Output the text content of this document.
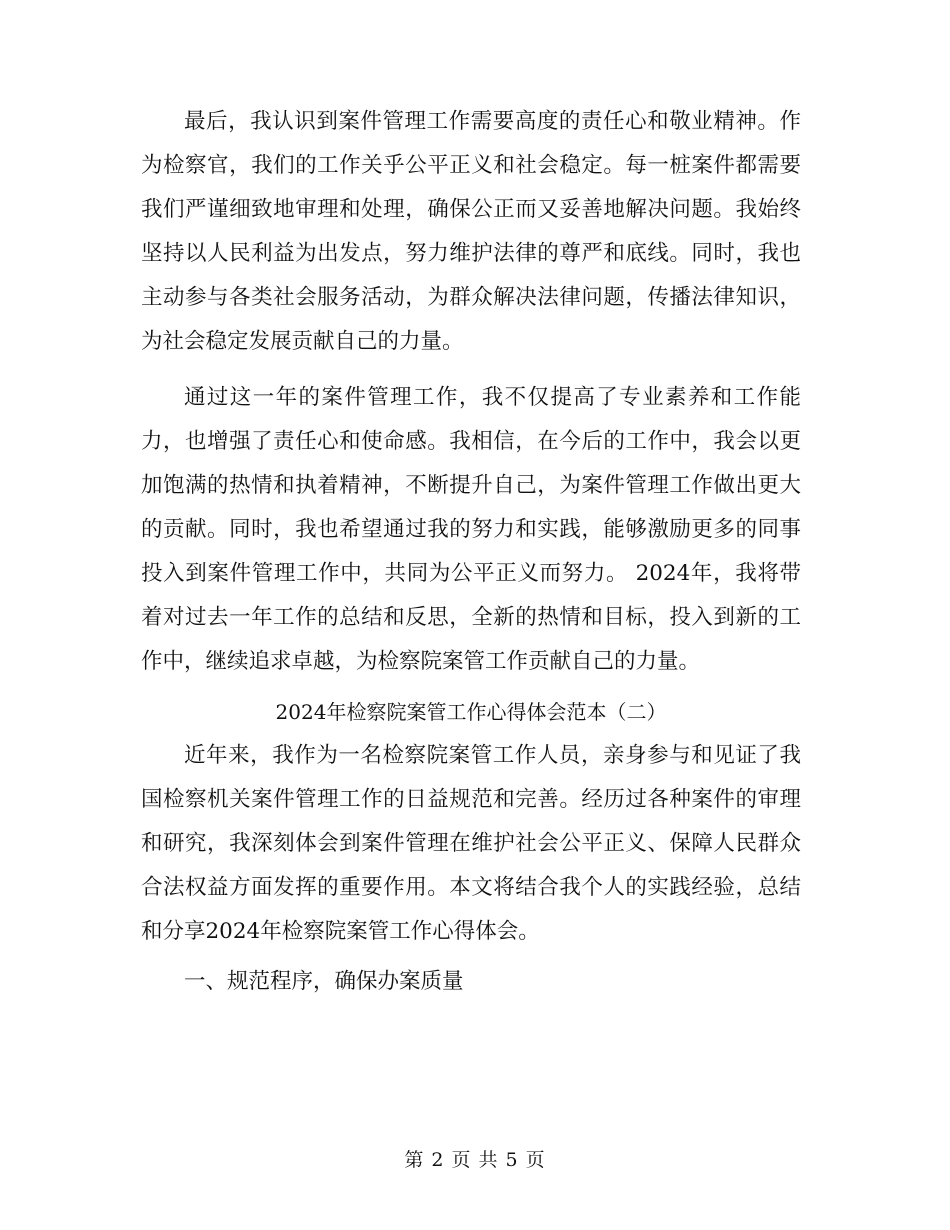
最后，我认识到案件管理工作需要高度的责任心和敬业精神。作为检察官，我们的工作关乎公平正义和社会稳定。每一桩案件都需要我们严谨细致地审理和处理，确保公正而又妥善地解决问题。我始终坚持以人民利益为出发点，努力维护法律的尊严和底线。同时，我也主动参与各类社会服务活动，为群众解决法律问题，传播法律知识，为社会稳定发展贡献自己的力量。

通过这一年的案件管理工作，我不仅提高了专业素养和工作能力，也增强了责任心和使命感。我相信，在今后的工作中，我会以更加饱满的热情和执着精神，不断提升自己，为案件管理工作做出更大的贡献。同时，我也希望通过我的努力和实践，能够激励更多的同事投入到案件管理工作中，共同为公平正义而努力。 2024年，我将带着对过去一年工作的总结和反思，全新的热情和目标，投入到新的工作中，继续追求卓越，为检察院案管工作贡献自己的力量。

2024年检察院案管工作心得体会范本（二）

近年来，我作为一名检察院案管工作人员，亲身参与和见证了我国检察机关案件管理工作的日益规范和完善。经历过各种案件的审理和研究，我深刻体会到案件管理在维护社会公平正义、保障人民群众合法权益方面发挥的重要作用。本文将结合我个人的实践经验，总结和分享2024年检察院案管工作心得体会。

一、规范程序，确保办案质量

第 2 页 共 5 页
